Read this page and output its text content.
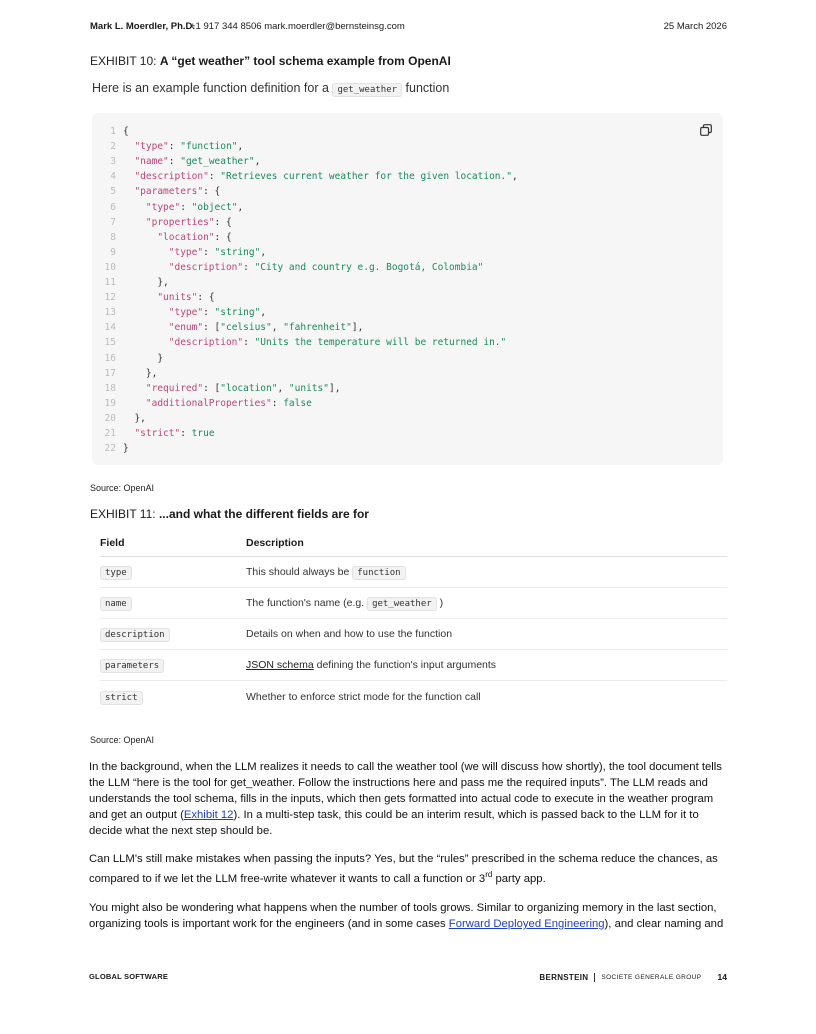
Mark L. Moerdler, Ph.D.
+1 917 344 8506 mark.moerdler@bernsteinsg.com	25 March 2026
EXHIBIT 10: A “get weather” tool schema example from OpenAI
Here is an example function definition for a get_weather function
1 {
2 "type": "function",
3 "name": "get_weather",
4 "description": "Retrieves current weather for the given location.",
5 "parameters": {
6	"type": "object",
7	"properties": {
8	"location": {
9	"type": "string",
10	"description": "City and country e.g. Bogotá, Colombia"
11      },
12	"units": {
13	"type": "string",
14	"enum": ["celsius", "fahrenheit"],
15	"description": "Units the temperature will be returned in."
16      }
17    },
18	"required": ["location", "units"],
19	"additionalProperties": false
20  },
21 "strict": true
22 }
Source: OpenAI
EXHIBIT 11: ...and what the different fields are for
Field	Description
type	This should always be function
name	The function's name (e.g. get_weather )
description	Details on when and how to use the function
parameters	JSON schema defining the function's input arguments
strict	Whether to enforce strict mode for the function call
Source: OpenAI

In the background, when the LLM realizes it needs to call the weather tool (we will discuss how shortly), the tool document tells the LLM “here is the tool for get_weather. Follow the instructions here and pass me the required inputs”. The LLM reads and understands the tool schema, fills in the inputs, which then gets formatted into actual code to execute in the weather program and get an output (Exhibit 12). In a multi-step task, this could be an interim result, which is passed back to the LLM for it to decide what the next step should be.

Can LLM's still make mistakes when passing the inputs? Yes, but the “rules” prescribed in the schema reduce the chances, as compared to if we let the LLM free-write whatever it wants to call a function or 3rd party app.

You might also be wondering what happens when the number of tools grows. Similar to organizing memory in the last section, organizing tools is important work for the engineers (and in some cases Forward Deployed Engineering), and clear naming and

GLOBAL SOFTWARE	BERNSTEIN SOCIETE GENERALE GROUP 14
